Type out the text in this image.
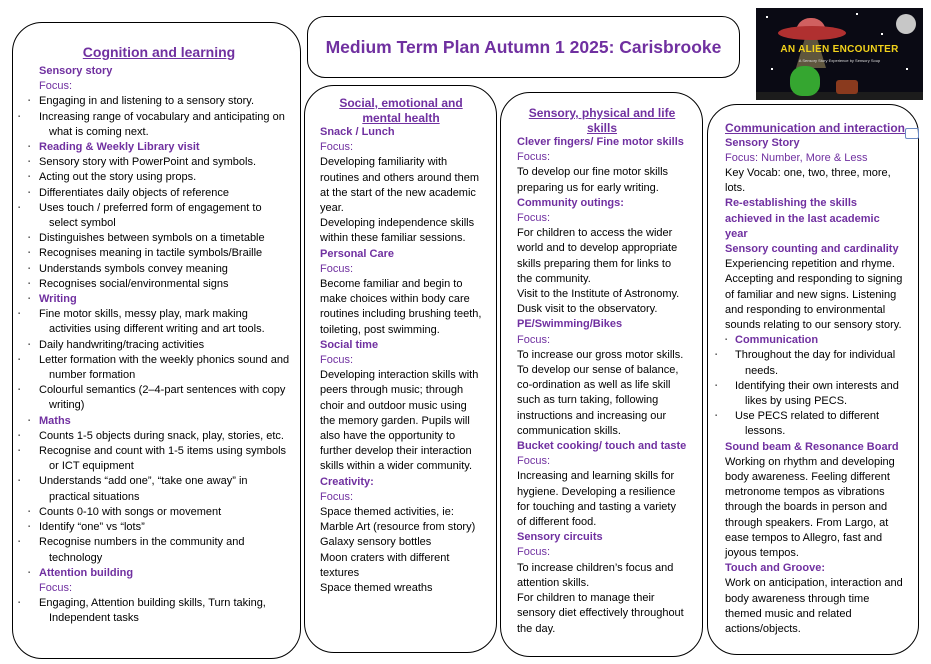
Medium Term Plan Autumn 1 2025: Carisbrooke	AN ALIEN ENCOUNTER
A Sensory Story Experience by Sensory Soup
Cognition and learning
Sensory story
Focus:
▪ Engaging in and listening to a sensory story.
▪ Increasing range of vocabulary and anticipating on what is coming next.
▪ Reading & Weekly Library visit
▪ Sensory story with PowerPoint and symbols.
▪ Acting out the story using props.
▪ Differentiates daily objects of reference
▪ Uses touch / preferred form of engagement to select symbol
▪ Distinguishes between symbols on a timetable
▪ Recognises meaning in tactile symbols/Braille
▪ Understands symbols convey meaning
▪ Recognises social/environmental signs
▪ Writing
▪ Fine motor skills, messy play, mark making activities using different writing and art tools.
▪ Daily handwriting/tracing activities
▪ Letter formation with the weekly phonics sound and number formation
▪ Colourful semantics (2–4-part sentences with copy writing)
▪ Maths
▪ Counts 1-5 objects during snack, play, stories, etc.
▪ Recognise and count with 1-5 items using symbols or ICT equipment
▪ Understands “add one”, “take one away” in practical situations
▪ Counts 0-10 with songs or movement
▪ Identify “one” vs “lots”
▪ Recognise numbers in the community and technology
▪ Attention building
Focus:
▪ Engaging, Attention building skills, Turn taking, Independent tasks
Social, emotional and mental health
Snack / Lunch
Focus:
Developing familiarity with routines and others around them at the start of the new academic year.
Developing independence skills within these familiar sessions.
Personal Care
Focus:
Become familiar and begin to make choices within body care routines including brushing teeth, toileting, post swimming.
Social time
Focus:
Developing interaction skills with peers through music; through choir and outdoor music using the memory garden. Pupils will also have the opportunity to further develop their interaction skills within a wider community.
Creativity:
Focus:
Space themed activities, ie:
Marble Art (resource from story)
Galaxy sensory bottles
Moon craters with different textures
Space themed wreaths
Sensory, physical and life skills
Clever fingers/ Fine motor skills
Focus:
To develop our fine motor skills preparing us for early writing.
Community outings:
Focus:
For children to access the wider world and to develop appropriate skills preparing them for links to the community.
Visit to the Institute of Astronomy. Dusk visit to the observatory.
PE/Swimming/Bikes
Focus:
To increase our gross motor skills. To develop our sense of balance, co-ordination as well as life skill such as turn taking, following instructions and increasing our communication skills.
Bucket cooking/ touch and taste
Focus:
Increasing and learning skills for hygiene. Developing a resilience for touching and tasting a variety of different food.
Sensory circuits
Focus:
To increase children’s focus and attention skills.
For children to manage their sensory diet effectively throughout the day.
Communication and interaction
Sensory Story
Focus: Number, More & Less
Key Vocab: one, two, three, more, lots.
Re-establishing the skills achieved in the last academic year
Sensory counting and cardinality
Experiencing repetition and rhyme. Accepting and responding to signing of familiar and new signs. Listening and responding to environmental sounds relating to our sensory story.
▪ Communication
▪ Throughout the day for individual needs.
▪ Identifying their own interests and likes by using PECS.
▪ Use PECS related to different lessons.
Sound beam & Resonance Board
Working on rhythm and developing body awareness. Feeling different metronome tempos as vibrations through the boards in person and through speakers. From Largo, at ease tempos to Allegro, fast and joyous tempos.
Touch and Groove:
Work on anticipation, interaction and body awareness through time themed music and related actions/objects.
